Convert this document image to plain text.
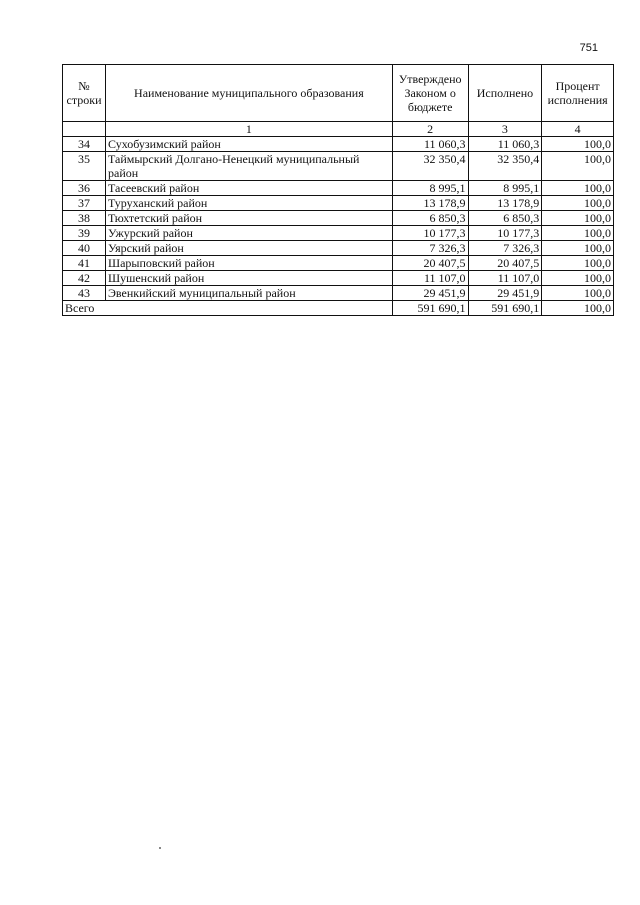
751
№ строки	Наименование муниципального образования	Утверждено Законом о бюджете	Исполнено	Процент исполнения
	1	2	3	4
34	Сухобузимский район	11 060,3	11 060,3	100,0
35	Таймырский Долгано-Ненецкий муниципальный район	32 350,4	32 350,4	100,0
36	Тасеевский район	8 995,1	8 995,1	100,0
37	Туруханский район	13 178,9	13 178,9	100,0
38	Тюхтетский район	6 850,3	6 850,3	100,0
39	Ужурский район	10 177,3	10 177,3	100,0
40	Уярский район	7 326,3	7 326,3	100,0
41	Шарыповский район	20 407,5	20 407,5	100,0
42	Шушенский район	11 107,0	11 107,0	100,0
43	Эвенкийский муниципальный район	29 451,9	29 451,9	100,0
Всего		591 690,1	591 690,1	100,0
